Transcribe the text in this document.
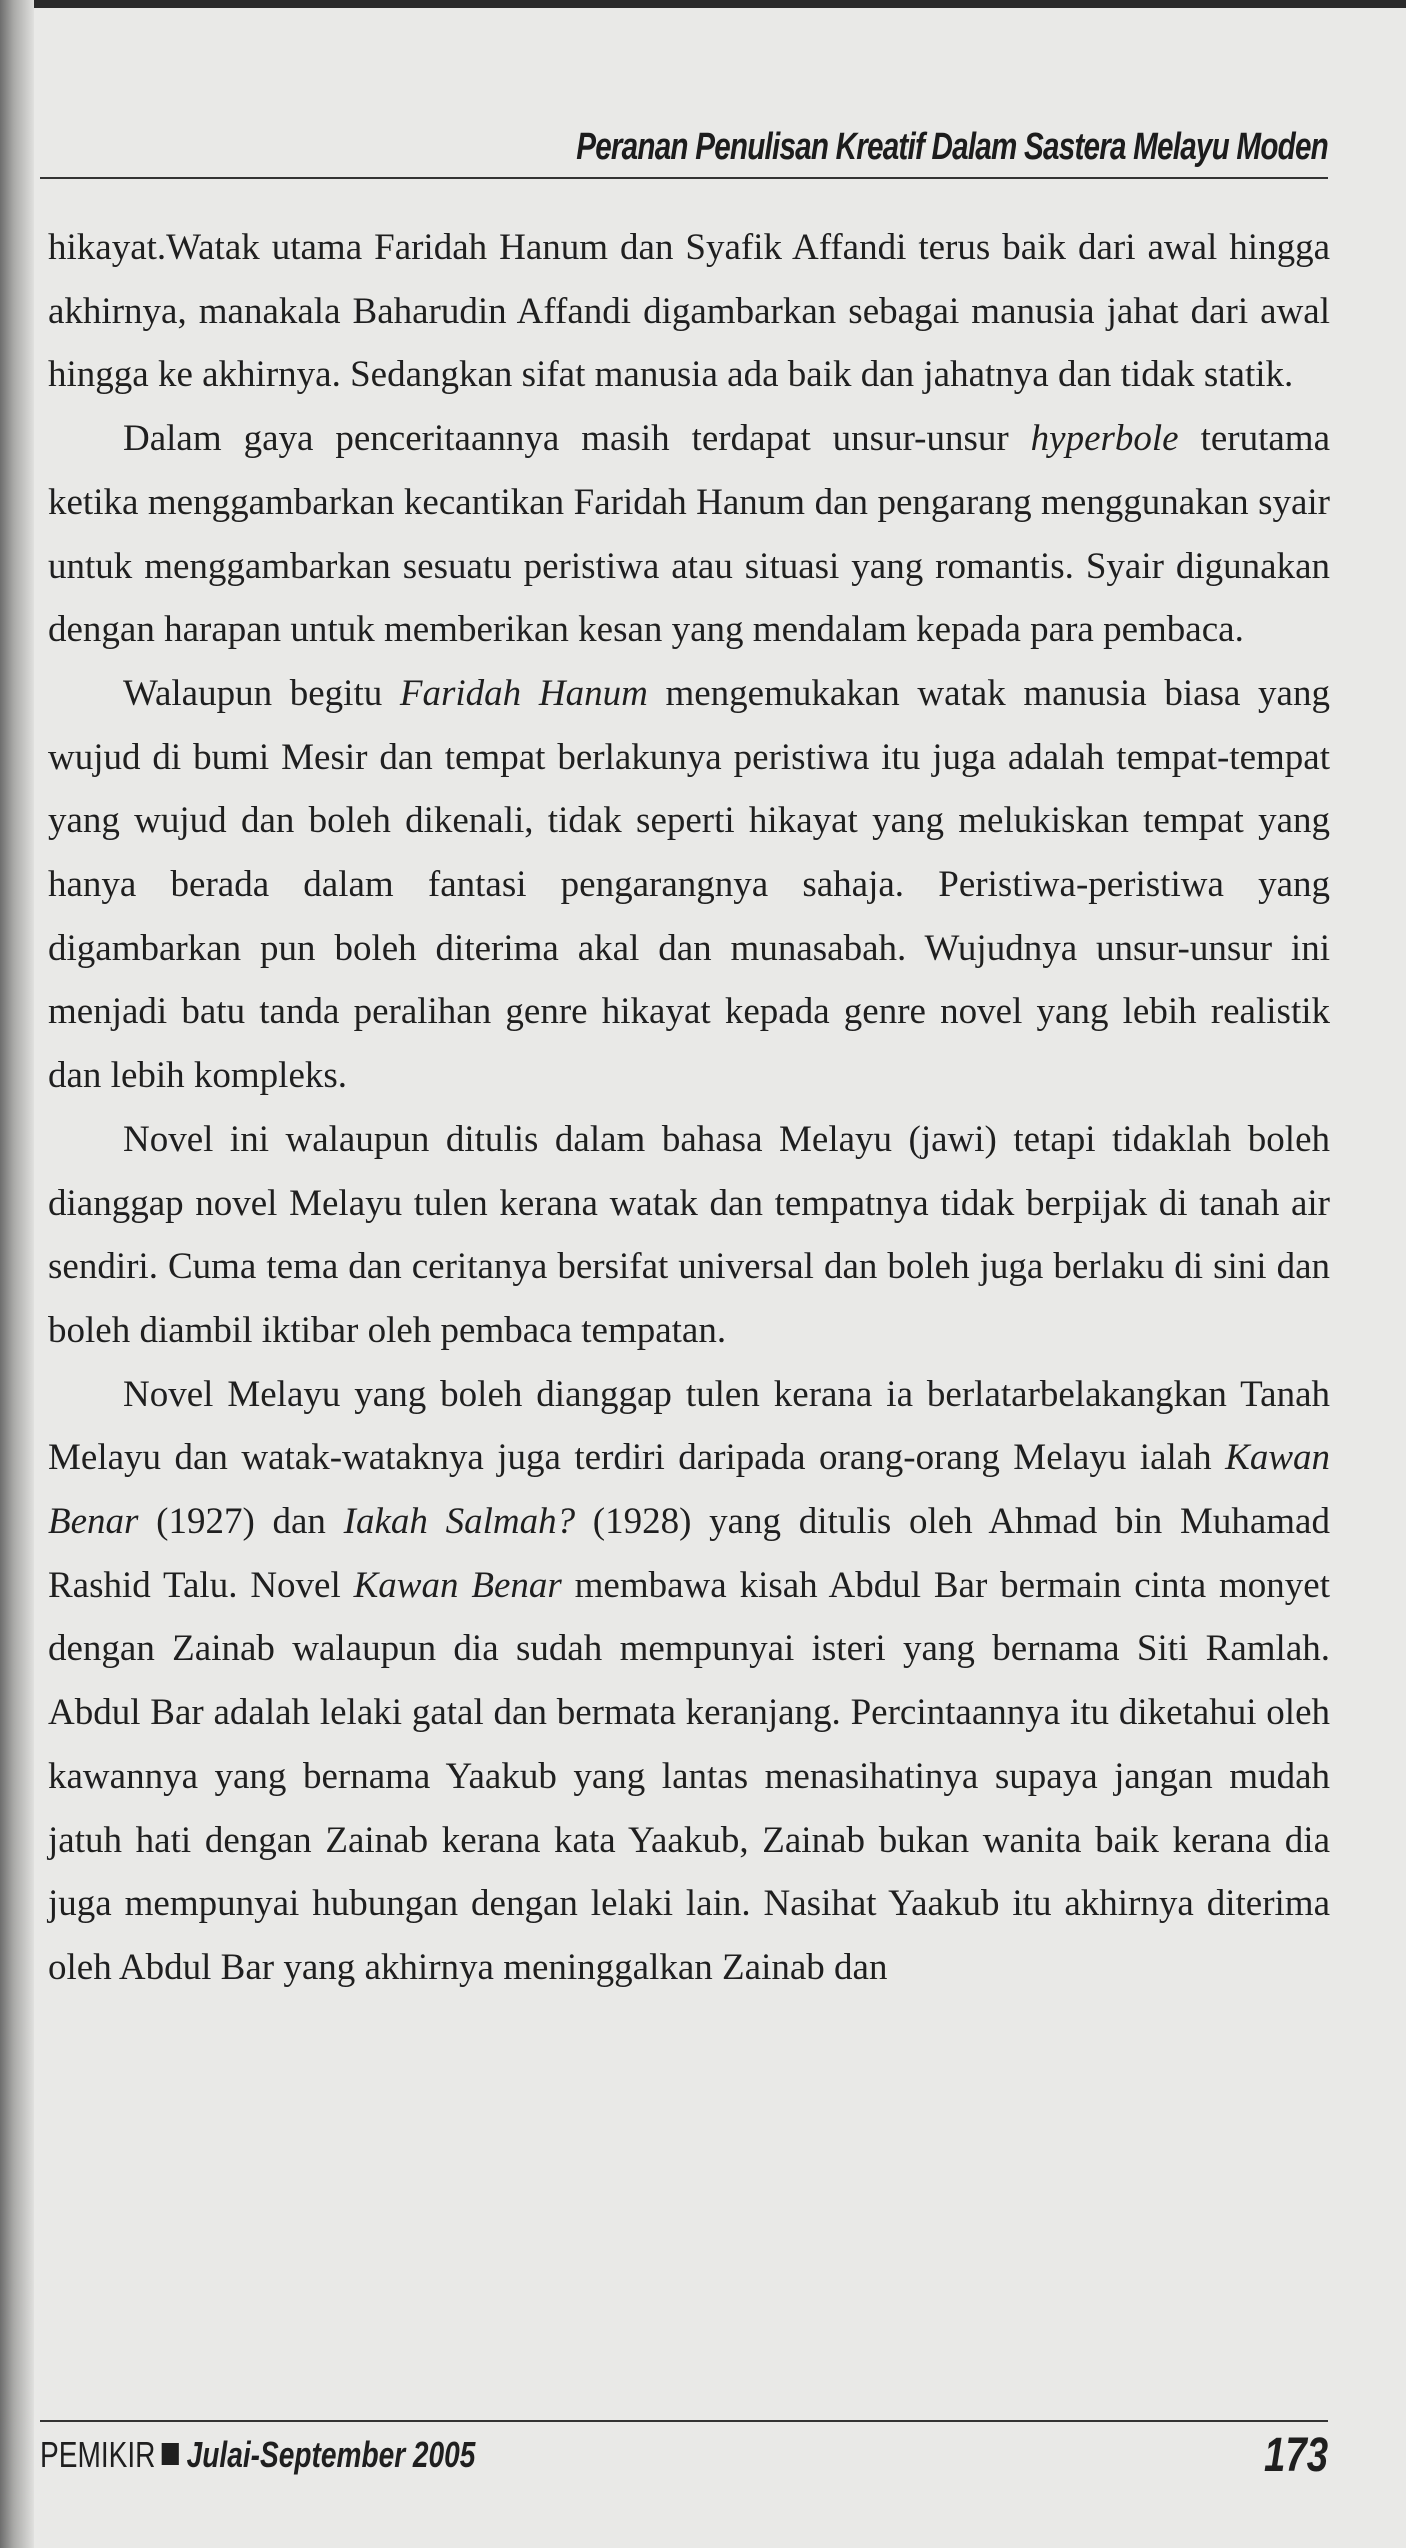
Peranan Penulisan Kreatif Dalam Sastera Melayu Moden

hikayat.Watak utama Faridah Hanum dan Syafik Affandi terus baik dari awal hingga akhirnya, manakala Baharudin Affandi digambarkan sebagai manusia jahat dari awal hingga ke akhirnya. Sedangkan sifat manusia ada baik dan jahatnya dan tidak statik.

Dalam gaya penceritaannya masih terdapat unsur-unsur hyperbole terutama ketika menggambarkan kecantikan Faridah Hanum dan pengarang menggunakan syair untuk menggambarkan sesuatu peristiwa atau situasi yang romantis. Syair digunakan dengan harapan untuk memberikan kesan yang mendalam kepada para pembaca.

Walaupun begitu Faridah Hanum mengemukakan watak manusia biasa yang wujud di bumi Mesir dan tempat berlakunya peristiwa itu juga adalah tempat-tempat yang wujud dan boleh dikenali, tidak seperti hikayat yang melukiskan tempat yang hanya berada dalam fantasi pengarangnya sahaja. Peristiwa-peristiwa yang digambarkan pun boleh diterima akal dan munasabah. Wujudnya unsur-unsur ini menjadi batu tanda peralihan genre hikayat kepada genre novel yang lebih realistik dan lebih kompleks.

Novel ini walaupun ditulis dalam bahasa Melayu (jawi) tetapi tidaklah boleh dianggap novel Melayu tulen kerana watak dan tempatnya tidak berpijak di tanah air sendiri. Cuma tema dan ceritanya bersifat universal dan boleh juga berlaku di sini dan boleh diambil iktibar oleh pembaca tempatan.

Novel Melayu yang boleh dianggap tulen kerana ia berlatarbelakangkan Tanah Melayu dan watak-wataknya juga terdiri daripada orang-orang Melayu ialah Kawan Benar (1927) dan Iakah Salmah? (1928) yang ditulis oleh Ahmad bin Muhamad Rashid Talu. Novel Kawan Benar membawa kisah Abdul Bar bermain cinta monyet dengan Zainab walaupun dia sudah mempunyai isteri yang bernama Siti Ramlah. Abdul Bar adalah lelaki gatal dan bermata keranjang. Percintaannya itu diketahui oleh kawannya yang bernama Yaakub yang lantas menasihatinya supaya jangan mudah jatuh hati dengan Zainab kerana kata Yaakub, Zainab bukan wanita baik kerana dia juga mempunyai hubungan dengan lelaki lain. Nasihat Yaakub itu akhirnya diterima oleh Abdul Bar yang akhirnya meninggalkan Zainab dan

PEMIKIR Julai-September 2005	173
